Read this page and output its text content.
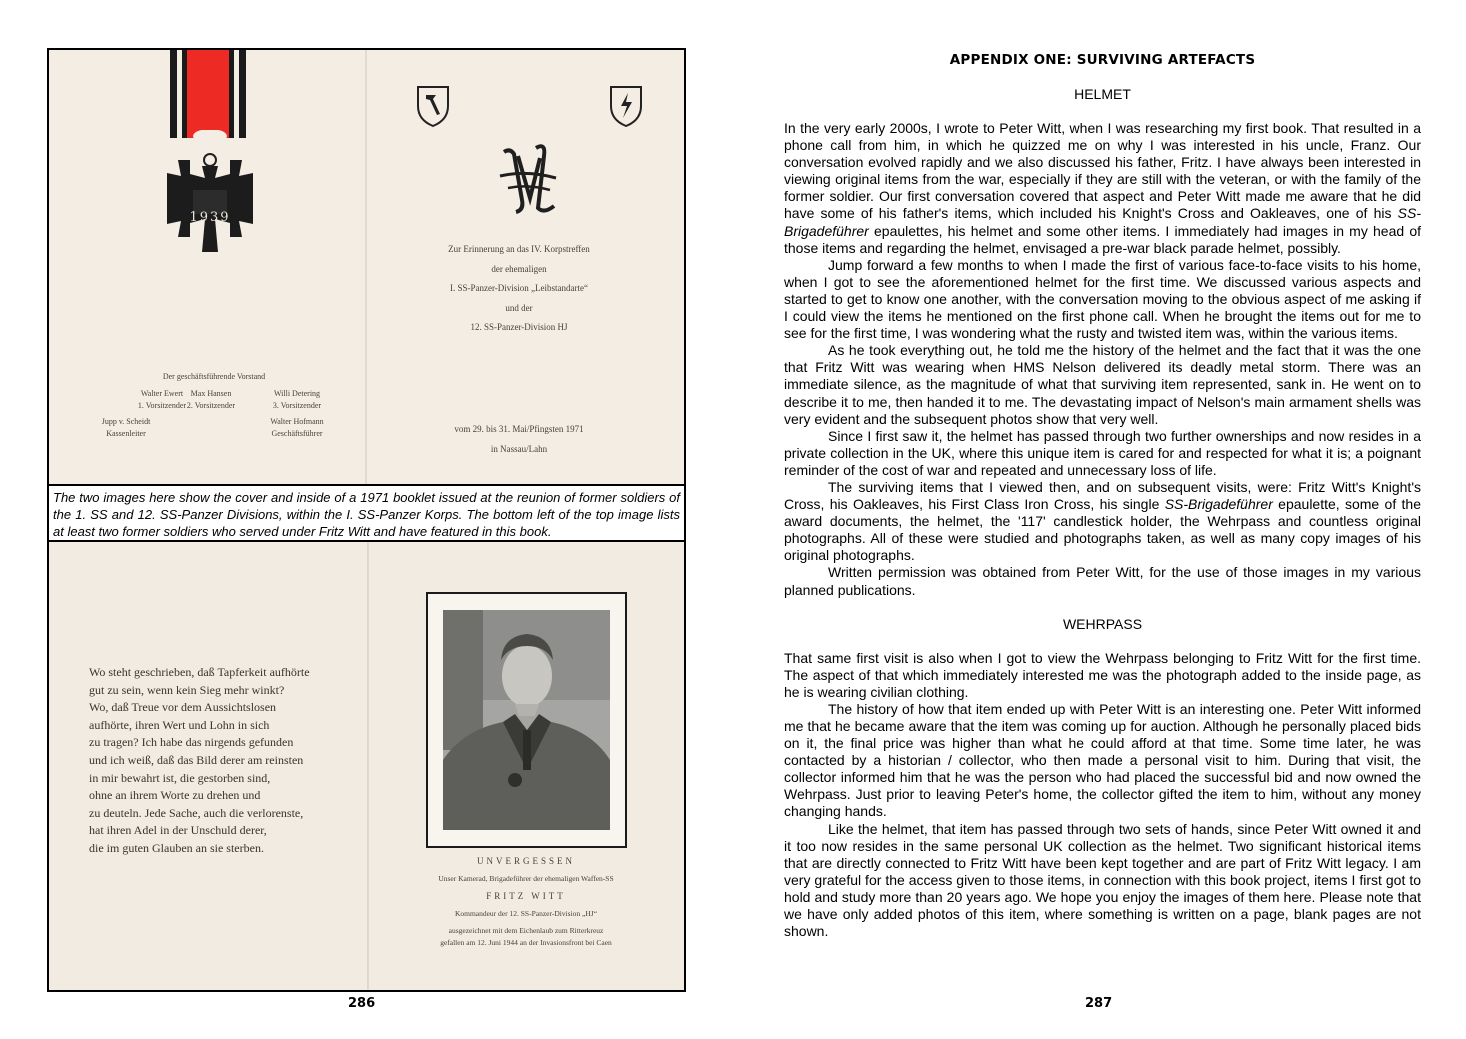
1939
Der geschäftsführende Vorstand
Walter Ewert
1. Vorsitzender
Max Hansen
2. Vorsitzender
Willi Detering
3. Vorsitzender
Jupp v. Scheidt
Kassenleiter
Walter Hofmann
Geschäftsführer
Zur Erinnerung an das IV. Korpstreffen
der ehemaligen
I. SS-Panzer-Division „Leibstandarte“
und der
12. SS-Panzer-Division HJ
vom 29. bis 31. Mai/Pfingsten 1971
in Nassau/Lahn
The two images here show the cover and inside of a 1971 booklet issued at the reunion of former soldiers of the 1. SS and 12. SS-Panzer Divisions, within the I. SS-Panzer Korps. The bottom left of the top image lists at least two former soldiers who served under Fritz Witt and have featured in this book.
Wo steht geschrieben, daß Tapferkeit aufhörte
gut zu sein, wenn kein Sieg mehr winkt?
Wo, daß Treue vor dem Aussichtslosen
aufhörte, ihren Wert und Lohn in sich
zu tragen? Ich habe das nirgends gefunden
und ich weiß, daß das Bild derer am reinsten
in mir bewahrt ist, die gestorben sind,
ohne an ihrem Worte zu drehen und
zu deuteln. Jede Sache, auch die verlorenste,
hat ihren Adel in der Unschuld derer,
die im guten Glauben an sie sterben.
UNVERGESSEN
Unser Kamerad, Brigadeführer der ehemaligen Waffen-SS
FRITZ WITT
Kommandeur der 12. SS-Panzer-Division „HJ“
ausgezeichnet mit dem Eichenlaub zum Ritterkreuz
gefallen am 12. Juni 1944 an der Invasionsfront bei Caen
286
APPENDIX ONE: SURVIVING ARTEFACTS
HELMET

In the very early 2000s, I wrote to Peter Witt, when I was researching my first book. That resulted in a phone call from him, in which he quizzed me on why I was interested in his uncle, Franz. Our conversation evolved rapidly and we also discussed his father, Fritz. I have always been interested in viewing original items from the war, especially if they are still with the veteran, or with the family of the former soldier. Our first conversation covered that aspect and Peter Witt made me aware that he did have some of his father's items, which included his Knight's Cross and Oakleaves, one of his SS-Brigadeführer epaulettes, his helmet and some other items. I immediately had images in my head of those items and regarding the helmet, envisaged a pre-war black parade helmet, possibly.

Jump forward a few months to when I made the first of various face-to-face visits to his home, when I got to see the aforementioned helmet for the first time. We discussed various aspects and started to get to know one another, with the conversation moving to the obvious aspect of me asking if I could view the items he mentioned on the first phone call. When he brought the items out for me to see for the first time, I was wondering what the rusty and twisted item was, within the various items.

As he took everything out, he told me the history of the helmet and the fact that it was the one that Fritz Witt was wearing when HMS Nelson delivered its deadly metal storm. There was an immediate silence, as the magnitude of what that surviving item represented, sank in. He went on to describe it to me, then handed it to me. The devastating impact of Nelson's main armament shells was very evident and the subsequent photos show that very well.

Since I first saw it, the helmet has passed through two further ownerships and now resides in a private collection in the UK, where this unique item is cared for and respected for what it is; a poignant reminder of the cost of war and repeated and unnecessary loss of life.

The surviving items that I viewed then, and on subsequent visits, were: Fritz Witt's Knight's Cross, his Oakleaves, his First Class Iron Cross, his single SS-Brigadeführer epaulette, some of the award documents, the helmet, the '117' candlestick holder, the Wehrpass and countless original photographs. All of these were studied and photographs taken, as well as many copy images of his original photographs.

Written permission was obtained from Peter Witt, for the use of those images in my various planned publications.

WEHRPASS

That same first visit is also when I got to view the Wehrpass belonging to Fritz Witt for the first time. The aspect of that which immediately interested me was the photograph added to the inside page, as he is wearing civilian clothing.

The history of how that item ended up with Peter Witt is an interesting one. Peter Witt informed me that he became aware that the item was coming up for auction. Although he personally placed bids on it, the final price was higher than what he could afford at that time. Some time later, he was contacted by a historian / collector, who then made a personal visit to him. During that visit, the collector informed him that he was the person who had placed the successful bid and now owned the Wehrpass. Just prior to leaving Peter's home, the collector gifted the item to him, without any money changing hands.

Like the helmet, that item has passed through two sets of hands, since Peter Witt owned it and it too now resides in the same personal UK collection as the helmet. Two significant historical items that are directly connected to Fritz Witt have been kept together and are part of Fritz Witt legacy. I am very grateful for the access given to those items, in connection with this book project, items I first got to hold and study more than 20 years ago. We hope you enjoy the images of them here. Please note that we have only added photos of this item, where something is written on a page, blank pages are not shown.

287
